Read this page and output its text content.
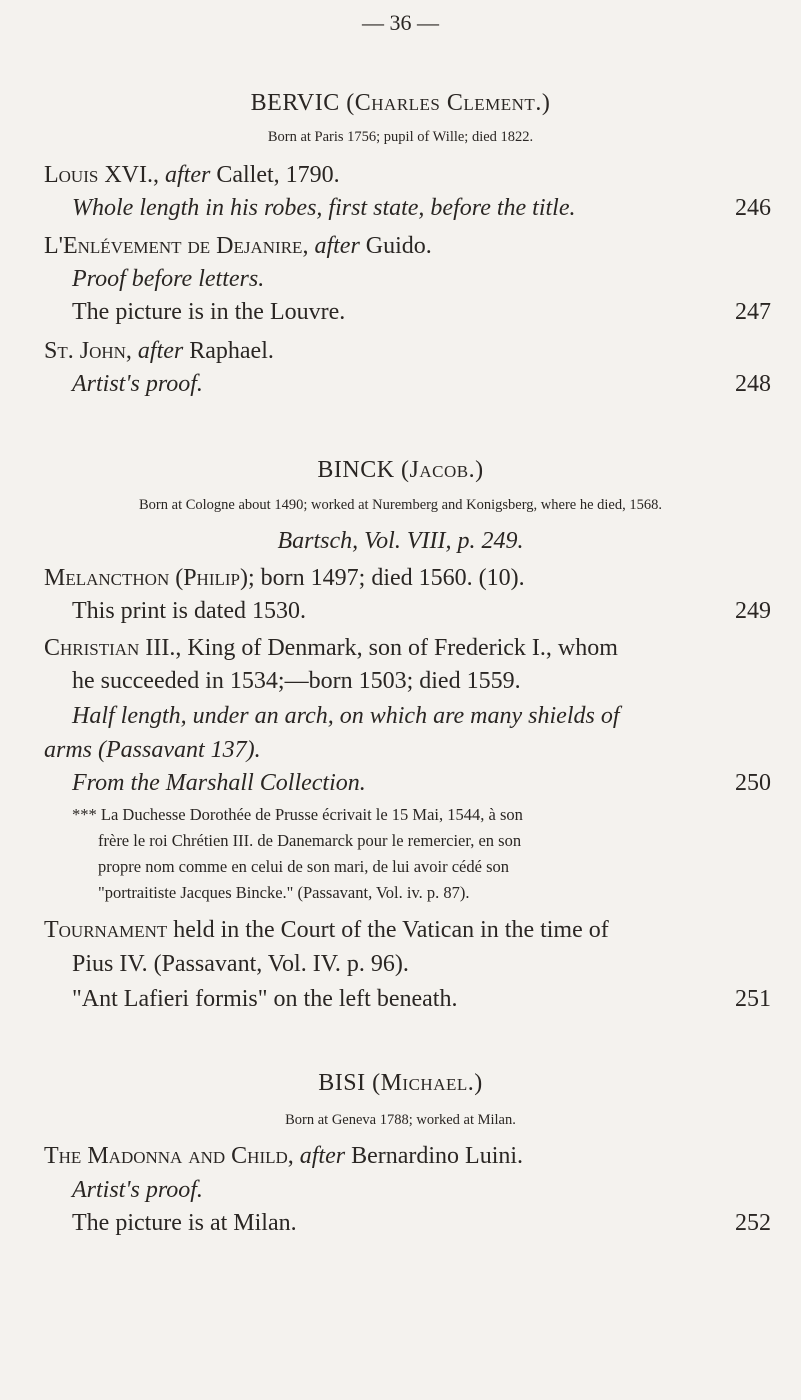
— 36 —
BERVIC (Charles Clement.)
Born at Paris 1756; pupil of Wille; died 1822.
Louis XVI., after Callet, 1790.
Whole length in his robes, first state, before the title.	246
L'Enlévement de Dejanire, after Guido.
Proof before letters.
The picture is in the Louvre.	247
St. John, after Raphael.
Artist's proof.	248
BINCK (Jacob.)
Born at Cologne about 1490; worked at Nuremberg and Konigsberg, where he died, 1568.
Bartsch, Vol. VIII, p. 249.
Melancthon (Philip); born 1497; died 1560. (10).
This print is dated 1530.	249
Christian III., King of Denmark, son of Frederick I., whom
he succeeded in 1534;—born 1503; died 1559.
Half length, under an arch, on which are many shields of
arms (Passavant 137).
From the Marshall Collection.	250
*** La Duchesse Dorothée de Prusse écrivait le 15 Mai, 1544, à son
frère le roi Chrétien III. de Danemarck pour le remercier, en son
propre nom comme en celui de son mari, de lui avoir cédé son
"portraitiste Jacques Bincke." (Passavant, Vol. iv. p. 87).
Tournament held in the Court of the Vatican in the time of
Pius IV. (Passavant, Vol. IV. p. 96).
"Ant Lafieri formis" on the left beneath.	251
BISI (Michael.)
Born at Geneva 1788; worked at Milan.
The Madonna and Child, after Bernardino Luini.
Artist's proof.
The picture is at Milan.	252
